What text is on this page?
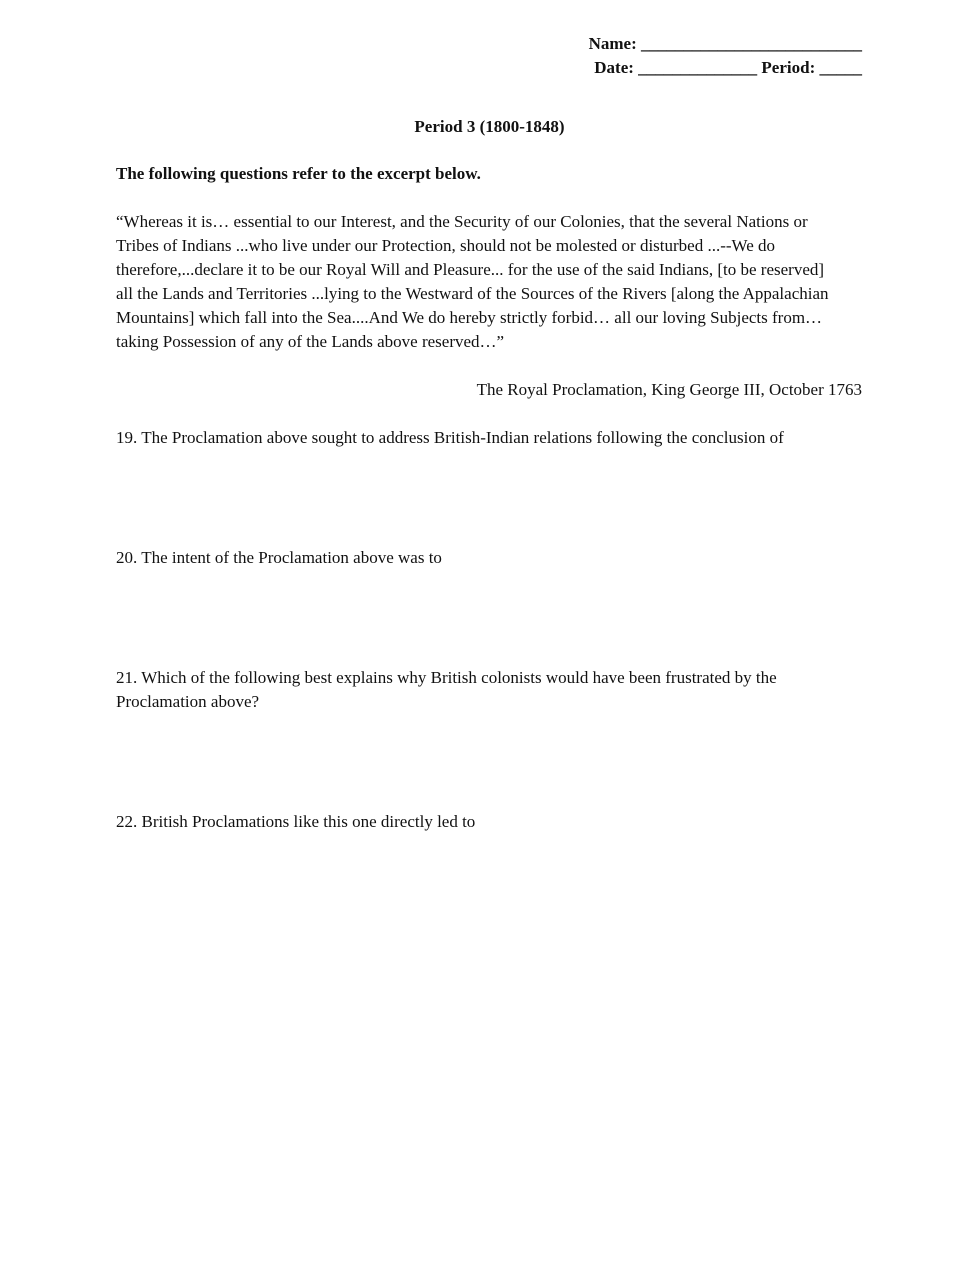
Name: __________________________
Date: ______________ Period: _____
Period 3 (1800-1848)
The following questions refer to the excerpt below.

“Whereas it is… essential to our Interest, and the Security of our Colonies, that the several Nations or
Tribes of Indians ...who live under our Protection, should not be molested or disturbed ...--We do
therefore,...declare it to be our Royal Will and Pleasure... for the use of the said Indians, [to be reserved]
all the Lands and Territories ...lying to the Westward of the Sources of the Rivers [along the Appalachian
Mountains] which fall into the Sea....And We do hereby strictly forbid… all our loving Subjects from…
taking Possession of any of the Lands above reserved…”

The Royal Proclamation, King George III, October 1763

19. The Proclamation above sought to address British-Indian relations following the conclusion of

20. The intent of the Proclamation above was to

21. Which of the following best explains why British colonists would have been frustrated by the
Proclamation above?

22. British Proclamations like this one directly led to
